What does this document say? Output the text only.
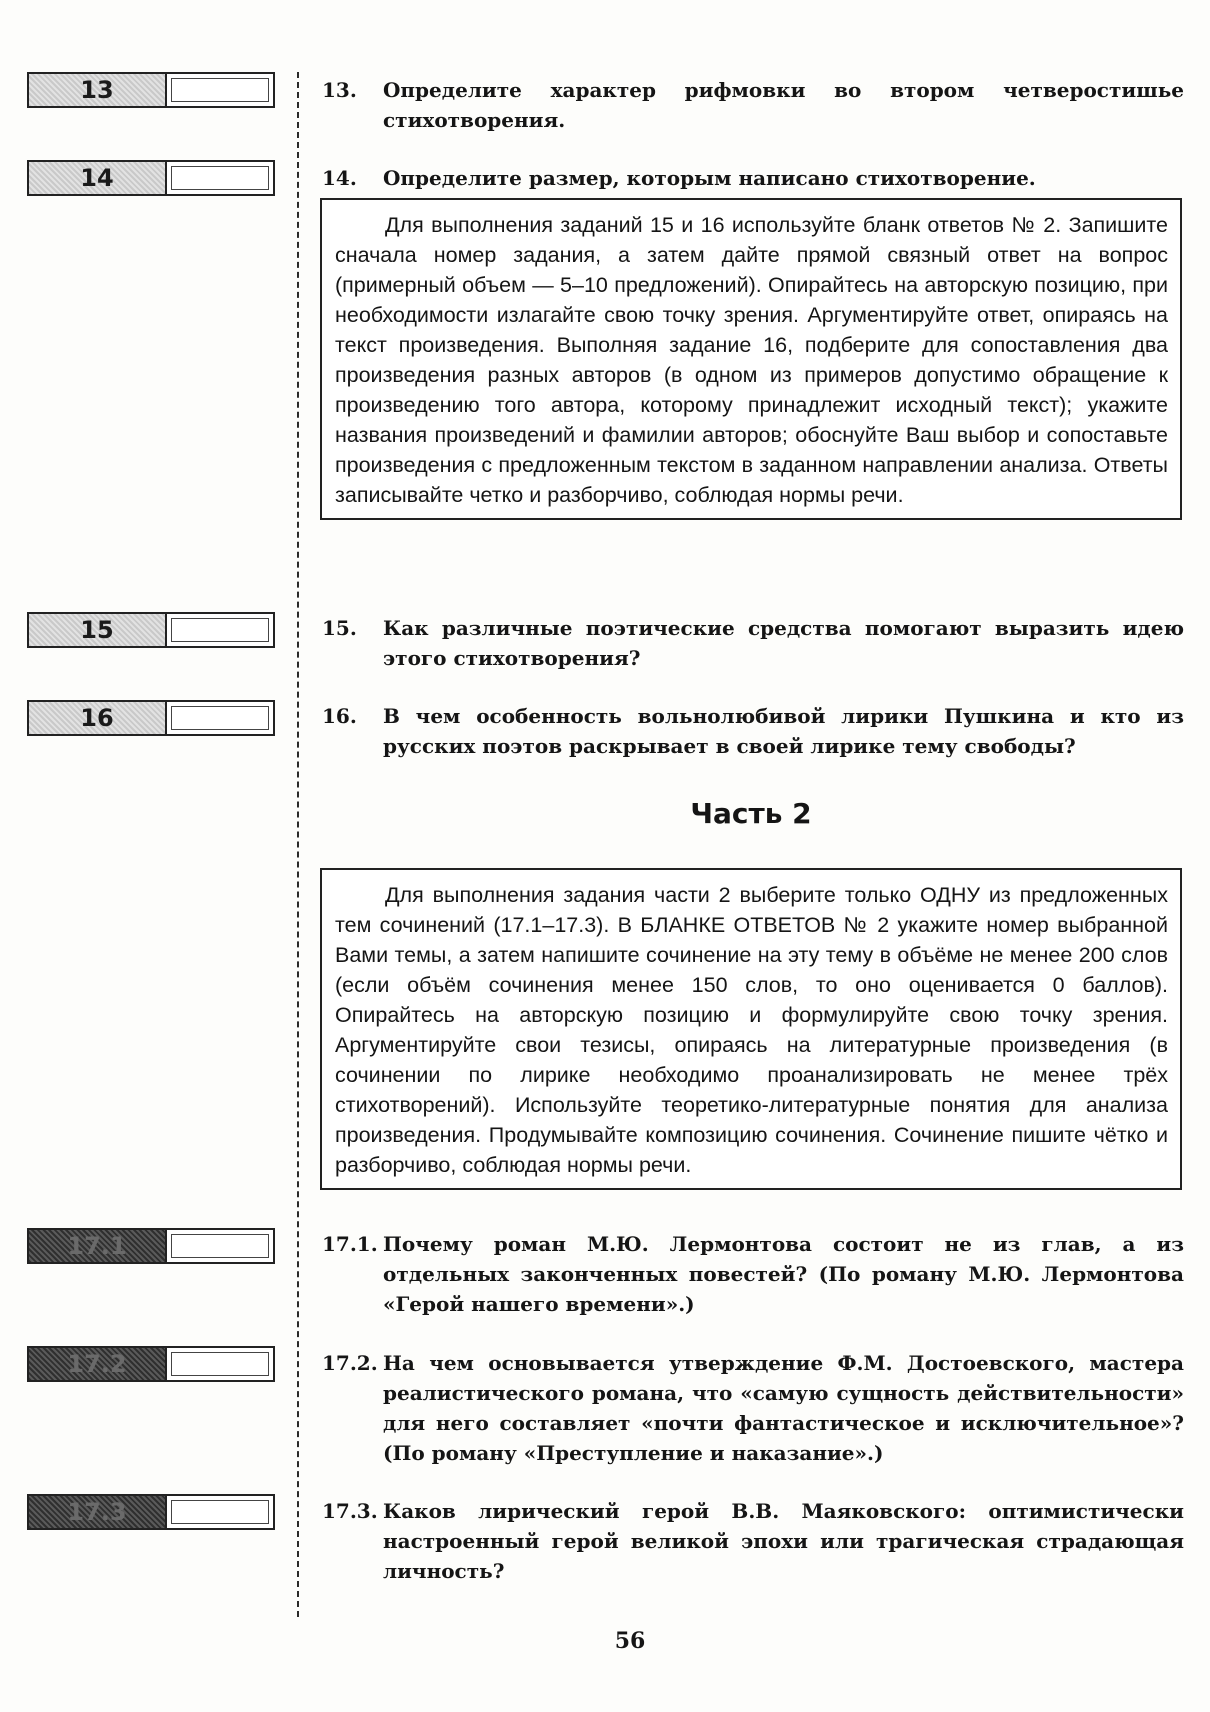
13
14
15
16
17.1
17.2
17.3
13.	Определите характер рифмовки во втором четверостишье стихотворения.
14.	Определите размер, которым написано стихотворение.
Для выполнения заданий 15 и 16 используйте бланк ответов № 2. Запишите сначала номер задания, а затем дайте прямой связный ответ на вопрос (примерный объем — 5–10 предложений). Опирайтесь на авторскую позицию, при необходимости излагайте свою точку зрения. Аргументируйте ответ, опираясь на текст произведения. Выполняя задание 16, подберите для сопоставления два произведения разных авторов (в одном из примеров допустимо обращение к произведению того автора, которому принадлежит исходный текст); укажите названия произведений и фамилии авторов; обоснуйте Ваш выбор и сопоставьте произведения с предложенным текстом в заданном направлении анализа. Ответы записывайте четко и разборчиво, соблюдая нормы речи.
15.	Как различные поэтические средства помогают выразить идею этого стихотворения?
16.	В чем особенность вольнолюбивой лирики Пушкина и кто из русских поэтов раскрывает в своей лирике тему свободы?
Часть 2
Для выполнения задания части 2 выберите только ОДНУ из предложенных тем сочинений (17.1–17.3). В БЛАНКЕ ОТВЕТОВ № 2 укажите номер выбранной Вами темы, а затем напишите сочинение на эту тему в объёме не менее 200 слов (если объём сочинения менее 150 слов, то оно оценивается 0 баллов). Опирайтесь на авторскую позицию и формулируйте свою точку зрения. Аргументируйте свои тезисы, опираясь на литературные произведения (в сочинении по лирике необходимо проанализировать не менее трёх стихотворений). Используйте теоретико-литературные понятия для анализа произведения. Продумывайте композицию сочинения. Сочинение пишите чётко и разборчиво, соблюдая нормы речи.
17.1. Почему роман М.Ю. Лермонтова состоит не из глав, а из отдельных законченных повестей? (По роману М.Ю. Лермонтова «Герой нашего времени».)
17.2. На чем основывается утверждение Ф.М. Достоевского, мастера реалистического романа, что «самую сущность действительности» для него составляет «почти фантастическое и исключительное»? (По роману «Преступление и наказание».)
17.3. Каков лирический герой В.В. Маяковского: оптимистически настроенный герой великой эпохи или трагическая страдающая личность?
56
